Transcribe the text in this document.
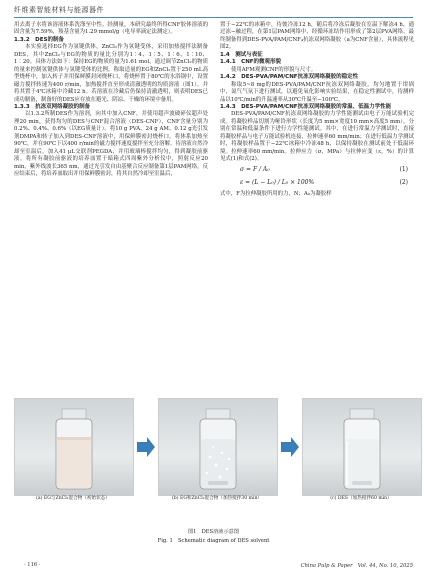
纤维素智能材料与能源器件

用去离子水将该溶液体系洗涤至中性。经测量，本研究最终所得CNF胶体溶液的固含量为7.59%，羧基含量为1.29 mmol/g（电导率滴定法测定）。

1.3.2　DES的制备

本实验选择EG作为氢键供体，ZnCl₂作为氢键受体，采用加热搅拌法制备DES，其中ZnCl₂与EG的物质的量比分别为1∶4、1∶5、1∶6、1∶10、1∶20。具体方法如下：保持EG的物质的量为1.61 mol，通过调节ZnCl₂的物质的量来控制氢键供体与氢键受体的比例。称取适量的EG和ZnCl₂置于250 mL高型烧杯中，加入转子并用保鲜膜封闭烧杯口，将烧杯置于80℃的水浴锅中，设置磁力搅拌转速为400 r/min，加热搅拌直至形成清澈透明的均质溶液（图1），并将其置于4℃冰箱中冷藏12 h。若溶液在冷藏后仍保持清澈透明，则表明DES已成功制备，制备好的DES应存放在避光、阴凉、干燥的环境中备用。

1.3.3　抗冻双网络凝胶的制备

以1.3.2所制DES作为溶剂，向其中加入CNF，并使用超声波破碎仪超声处理20 min，获得均匀的DES与CNF混合溶液（DES-CNF），CNF含量分别为0.2%、0.4%、0.6%（以EG质量计）。将10 g PVA、24 g AM、0.12 g光引发剂DMPA和转子加入到DES-CNF溶液中，用保鲜膜密封烧杯口。将体系加热至90℃，并在90℃下以400 r/min的磁力搅拌速度搅拌至充分溶解。待溶液自然冷却至室温后，加入41 μL交联剂PEGDA，并用玻璃棒搅拌均匀，得到凝胶前驱液。将所有凝胶前驱液的培养皿置于暗箱式四周紫外分析仪中，照射反应20 min，紫外线波长365 nm，通过光引发自由基聚合反应制备第1层PAM网络。反应结束后，将培养皿取出并用保鲜膜密封，将其自然冷却至室温后，

置于−22℃的冰箱中，待彼冷冻12 h，随后将冷冻后凝胶在室温下解冻4 h，通过冻−融过程，在第1层PAM网络中，经循环冻结作用形成了第2层PVA网络，最终制备得到DES-PVA/PAM/CNF₄抗冻双网络凝胶（a为CNF含量），具体流程见图2。

1.4　测试与表征

1.4.1　CNF的微观形貌

使用AFM观测CNF的形貌与尺寸。

1.4.2　DES-PVA/PAM/CNF抗冻双网络凝胶的稳定性

称取5~8 mg的DES-PVA/PAM/CNF抗冻双网络凝胶，均匀地置于坩埚中，氮气气氛下进行测试，以避免氧化影响实验结果，在稳定性测试中，待测样品以10℃/min的升温速率从30℃升温至−100℃。

1.4.3　DES-PVA/PAM/CNF抗冻双网络凝胶的常温、低温力学性能

DES-PVA/PAM/CNF抗冻双网络凝胶的力学性能测试由电子万能试验机完成。将凝胶样品切割为哑铃形状（长度为5 mm×宽度10 mm×高度5 mm），分别在常温和低温条件下进行力学性能测试。其中，在进行常温力学测试时，直接将凝胶样品与电子万能试验机连接，拉伸速率60 mm/min；在进行低温力学测试时，将凝胶样品置于−22℃冰箱中冷冻48 h，以保持凝胶在测试前处于低温环境。拉伸速率60 mm/min。拉伸应力（σ，MPa）与拉伸应变（ε，%）的计算见式(1)和式(2)。

σ = F / A₀	(1)
ε = (L − L₀) / L₀ × 100%	(2)

式中，F为拉伸凝胶所用的力，N；A₀为凝胶样

(a) EG与ZnCl₂混合物（初始状态）	(b) EG和ZnCl₂混合物（加热搅拌30 min）	(c) DES（加热搅拌60 min）
图1　DES溶液示意图
Fig. 1　Schematic diagram of DES solvent
· 116 ·	China Pulp & Paper　Vol. 44, No. 10, 2025
